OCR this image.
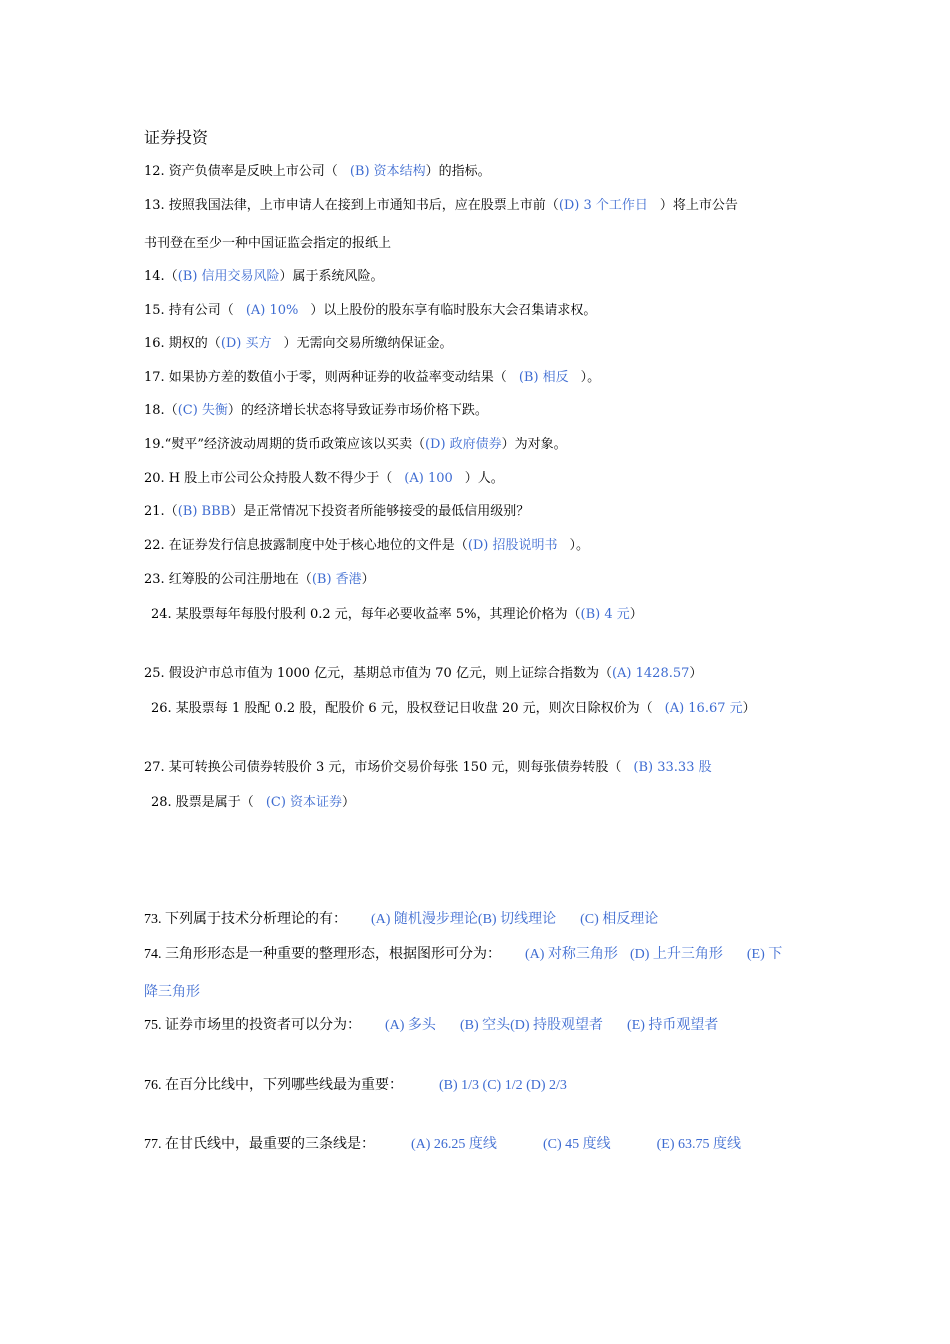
证券投资
12. 资产负债率是反映上市公司（ (B) 资本结构）的指标。
13. 按照我国法律，上市申请人在接到上市通知书后，应在股票上市前（(D) 3 个工作日 ）将上市公告
书刊登在至少一种中国证监会指定的报纸上
14.（(B) 信用交易风险）属于系统风险。
15. 持有公司（ (A) 10% ）以上股份的股东享有临时股东大会召集请求权。
16. 期权的（(D) 买方 ）无需向交易所缴纳保证金。
17. 如果协方差的数值小于零，则两种证券的收益率变动结果（ (B) 相反 ）。
18.（(C) 失衡）的经济增长状态将导致证券市场价格下跌。
19.“熨平”经济波动周期的货币政策应该以买卖（(D) 政府债券）为对象。
20. H 股上市公司公众持股人数不得少于（ (A) 100 ）人。
21.（(B) BBB）是正常情况下投资者所能够接受的最低信用级别？
22. 在证券发行信息披露制度中处于核心地位的文件是（(D) 招股说明书 ）。
23. 红筹股的公司注册地在（(B) 香港）
24. 某股票每年每股付股利 0.2 元，每年必要收益率 5%，其理论价格为（(B) 4 元）
25. 假设沪市总市值为 1000 亿元，基期总市值为 70 亿元，则上证综合指数为（(A) 1428.57）
26. 某股票每 1 股配 0.2 股，配股价 6 元，股权登记日收盘 20 元，则次日除权价为（ (A) 16.67 元）
27. 某可转换公司债券转股价 3 元，市场价交易价每张 150 元，则每张债券转股（ (B) 33.33 股
28. 股票是属于（ (C) 资本证券）
73. 下列属于技术分析理论的有： (A) 随机漫步理论(B) 切线理论 (C) 相反理论
74. 三角形形态是一种重要的整理形态，根据图形可分为： (A) 对称三角形 (D) 上升三角形 (E) 下
降三角形
75. 证券市场里的投资者可以分为： (A) 多头 (B) 空头(D) 持股观望者 (E) 持币观望者
76. 在百分比线中，下列哪些线最为重要：	(B) 1/3 (C) 1/2 (D) 2/3
77. 在甘氏线中，最重要的三条线是：	(A) 26.25 度线	(C) 45 度线	(E) 63.75 度线
